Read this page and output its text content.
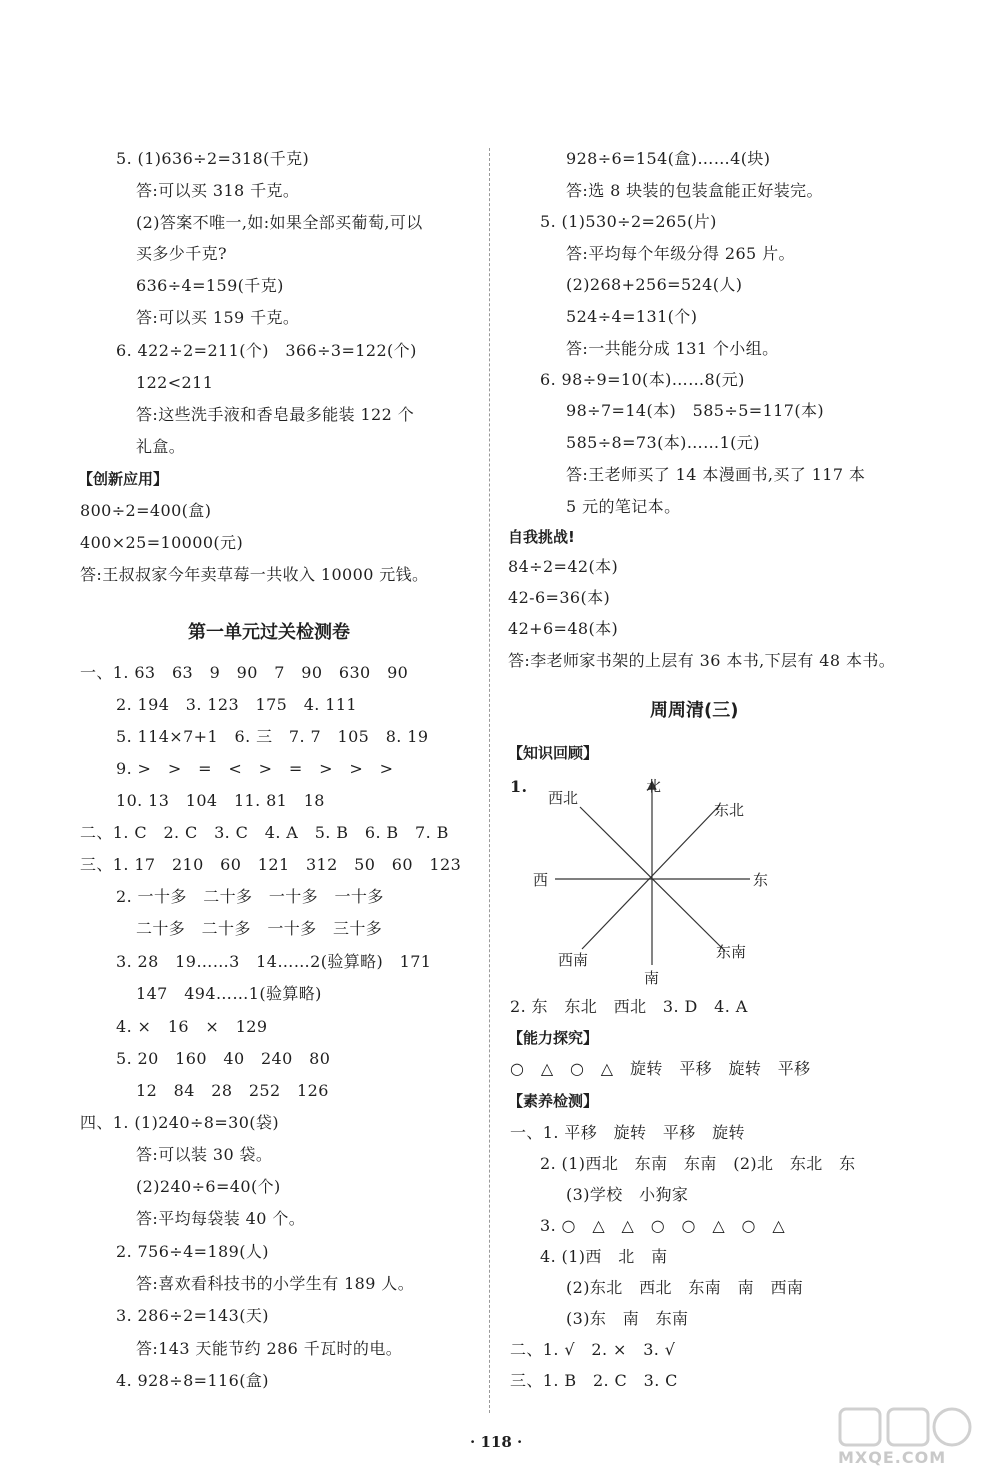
5. (1)636÷2=318(千克)
答:可以买 318 千克。
(2)答案不唯一,如:如果全部买葡萄,可以
买多少千克?
636÷4=159(千克)
答:可以买 159 千克。
6. 422÷2=211(个)   366÷3=122(个)
122<211
答:这些洗手液和香皂最多能装 122 个
礼盒。
【创新应用】
800÷2=400(盒)
400×25=10000(元)
答:王叔叔家今年卖草莓一共收入 10000 元钱。
第一单元过关检测卷
一、1. 63   63   9   90   7   90   630   90
2. 194   3. 123   175   4. 111
5. 114×7+1   6. 三   7. 7   105   8. 19
9. >   >   =   <   >   =   >   >   >
10. 13   104   11. 81   18
二、1. C   2. C   3. C   4. A   5. B   6. B   7. B
三、1. 17   210   60   121   312   50   60   123
2. 一十多   二十多   一十多   一十多
二十多   二十多   一十多   三十多
3. 28   19……3   14……2(验算略)   171
147   494……1(验算略)
4. ×   16   ×   129
5. 20   160   40   240   80
12   84   28   252   126
四、1. (1)240÷8=30(袋)
答:可以装 30 袋。
(2)240÷6=40(个)
答:平均每袋装 40 个。
2. 756÷4=189(人)
答:喜欢看科技书的小学生有 189 人。
3. 286÷2=143(天)
答:143 天能节约 286 千瓦时的电。
4. 928÷8=116(盒)
928÷6=154(盒)……4(块)
答:选 8 块装的包装盒能正好装完。
5. (1)530÷2=265(片)
答:平均每个年级分得 265 片。
(2)268+256=524(人)
524÷4=131(个)
答:一共能分成 131 个小组。
6. 98÷9=10(本)……8(元)
98÷7=14(本)   585÷5=117(本)
585÷8=73(本)……1(元)
答:王老师买了 14 本漫画书,买了 117 本
5 元的笔记本。
自我挑战!
84÷2=42(本)
42-6=36(本)
42+6=48(本)
答:李老师家书架的上层有 36 本书,下层有 48 本书。
周周清(三)
【知识回顾】
1.	北
西北
东北
西	东
西南	东南
南
2. 东   东北   西北   3. D   4. A
【能力探究】
○   △   ○   △   旋转   平移   旋转   平移
【素养检测】
一、1. 平移   旋转   平移   旋转
2. (1)西北   东南   东南   (2)北   东北   东
(3)学校   小狗家
3. ○   △   △   ○   ○   △   ○   △
4. (1)西   北   南
(2)东北   西北   东南   南   西南
(3)东   南   东南
二、1. √   2. ×   3. √
三、1. B   2. C   3. C
· 118 ·
MXQE.COM
